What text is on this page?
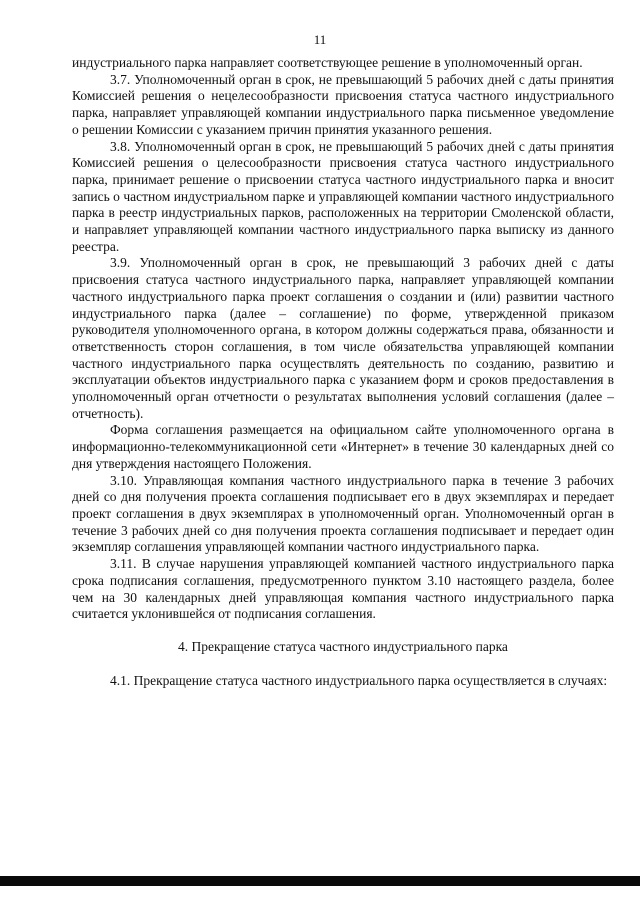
11

индустриального парка направляет соответствующее решение в уполномоченный орган.

3.7. Уполномоченный орган в срок, не превышающий 5 рабочих дней с даты принятия Комиссией решения о нецелесообразности присвоения статуса частного индустриального парка, направляет управляющей компании индустриального парка письменное уведомление о решении Комиссии с указанием причин принятия указанного решения.

3.8. Уполномоченный орган в срок, не превышающий 5 рабочих дней с даты принятия Комиссией решения о целесообразности присвоения статуса частного индустриального парка, принимает решение о присвоении статуса частного индустриального парка и вносит запись о частном индустриальном парке и управляющей компании частного индустриального парка в реестр индустриальных парков, расположенных на территории Смоленской области, и направляет управляющей компании частного индустриального парка выписку из данного реестра.

3.9. Уполномоченный орган в срок, не превышающий 3 рабочих дней с даты присвоения статуса частного индустриального парка, направляет управляющей компании частного индустриального парка проект соглашения о создании и (или) развитии частного индустриального парка (далее – соглашение) по форме, утвержденной приказом руководителя уполномоченного органа, в котором должны содержаться права, обязанности и ответственность сторон соглашения, в том числе обязательства управляющей компании частного индустриального парка осуществлять деятельность по созданию, развитию и эксплуатации объектов индустриального парка с указанием форм и сроков предоставления в уполномоченный орган отчетности о результатах выполнения условий соглашения (далее – отчетность).

Форма соглашения размещается на официальном сайте уполномоченного органа в информационно-телекоммуникационной сети «Интернет» в течение 30 календарных дней со дня утверждения настоящего Положения.

3.10. Управляющая компания частного индустриального парка в течение 3 рабочих дней со дня получения проекта соглашения подписывает его в двух экземплярах и передает проект соглашения в двух экземплярах в уполномоченный орган. Уполномоченный орган в течение 3 рабочих дней со дня получения проекта соглашения подписывает и передает один экземпляр соглашения управляющей компании частного индустриального парка.

3.11. В случае нарушения управляющей компанией частного индустриального парка срока подписания соглашения, предусмотренного пунктом 3.10 настоящего раздела, более чем на 30 календарных дней управляющая компания частного индустриального парка считается уклонившейся от подписания соглашения.

4. Прекращение статуса частного индустриального парка

4.1. Прекращение статуса частного индустриального парка осуществляется в случаях:
